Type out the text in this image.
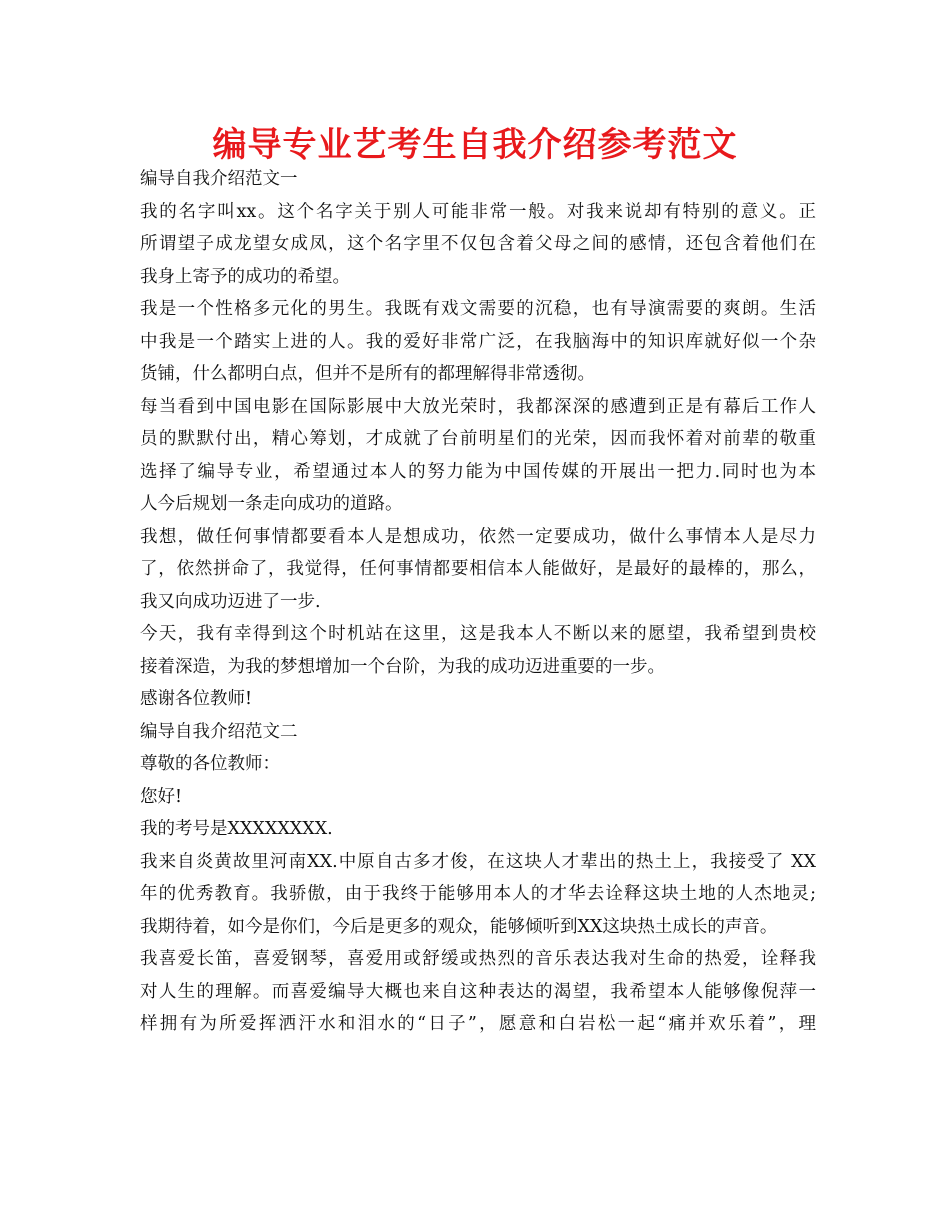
编导专业艺考生自我介绍参考范文

编导自我介绍范文一

我的名字叫xx。这个名字关于别人可能非常一般。对我来说却有特别的意义。正

所谓望子成龙望女成凤，这个名字里不仅包含着父母之间的感情，还包含着他们在

我身上寄予的成功的希望。

我是一个性格多元化的男生。我既有戏文需要的沉稳，也有导演需要的爽朗。生活

中我是一个踏实上进的人。我的爱好非常广泛，在我脑海中的知识库就好似一个杂

货铺，什么都明白点，但并不是所有的都理解得非常透彻。

每当看到中国电影在国际影展中大放光荣时，我都深深的感遭到正是有幕后工作人

员的默默付出，精心筹划，才成就了台前明星们的光荣，因而我怀着对前辈的敬重

选择了编导专业，希望通过本人的努力能为中国传媒的开展出一把力.同时也为本

人今后规划一条走向成功的道路。

我想，做任何事情都要看本人是想成功，依然一定要成功，做什么事情本人是尽力

了，依然拼命了，我觉得，任何事情都要相信本人能做好，是最好的最棒的，那么，

我又向成功迈进了一步.

今天，我有幸得到这个时机站在这里，这是我本人不断以来的愿望，我希望到贵校

接着深造，为我的梦想增加一个台阶，为我的成功迈进重要的一步。

感谢各位教师!

编导自我介绍范文二

尊敬的各位教师：

您好!

我的考号是XXXXXXXX.

我来自炎黄故里河南XX.中原自古多才俊，在这块人才辈出的热土上，我接受了 XX

年的优秀教育。我骄傲，由于我终于能够用本人的才华去诠释这块土地的人杰地灵;

我期待着，如今是你们，今后是更多的观众，能够倾听到XX这块热土成长的声音。

我喜爱长笛，喜爱钢琴，喜爱用或舒缓或热烈的音乐表达我对生命的热爱，诠释我

对人生的理解。而喜爱编导大概也来自这种表达的渴望，我希望本人能够像倪萍一

样拥有为所爱挥洒汗水和泪水的“日子”，愿意和白岩松一起“痛并欢乐着”，理
